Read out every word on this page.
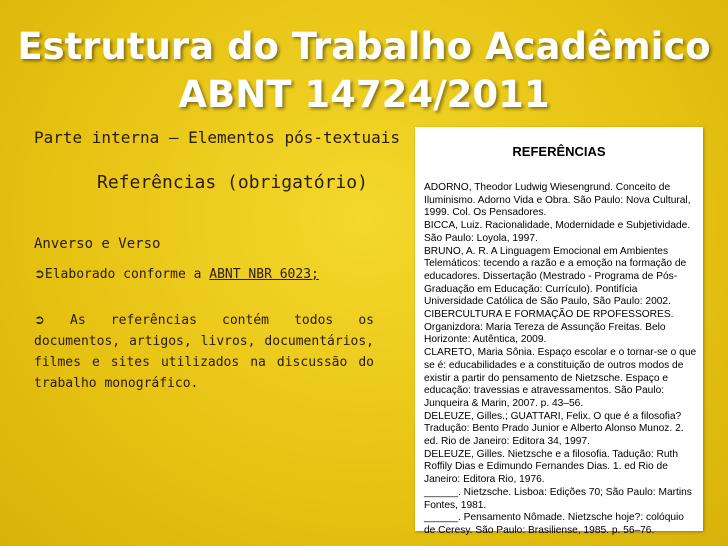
Estrutura do Trabalho Acadêmico
ABNT 14724/2011
Parte interna – Elementos pós-textuais
Referências (obrigatório)
Anverso e Verso
➲Elaborado conforme a ABNT NBR 6023;
➲ As referências contém todos os documentos, artigos, livros, documentários, filmes e sites utilizados na discussão do trabalho monográfico.
REFERÊNCIAS

ADORNO, Theodor Ludwig Wiesengrund. Conceito de Iluminismo. Adorno Vida e Obra. São Paulo: Nova Cultural, 1999. Col. Os Pensadores.

BICCA, Luiz. Racionalidade, Modernidade e Subjetividade. São Paulo: Loyola, 1997.

BRUNO, A. R. A Linguagem Emocional em Ambientes Telemáticos: tecendo a razão e a emoção na formação de educadores. Dissertação (Mestrado - Programa de Pós-Graduação em Educação: Currículo). Pontifícia Universidade Católica de São Paulo, São Paulo: 2002.

CIBERCULTURA E FORMAÇÃO DE RPOFESSORES. Organizdora: Maria Tereza de Assunção Freitas. Belo Horizonte: Autêntica, 2009.

CLARETO, Maria Sônia. Espaço escolar e o tornar-se o que se é: educabilidades e a constituição de outros modos de existir a partir do pensamento de Nietzsche. Espaço e educação: travessias e atravessamentos. São Paulo: Junqueira & Marin, 2007. p. 43–56.

DELEUZE, Gilles.; GUATTARI, Felix. O que é a filosofia? Tradução: Bento Prado Junior e Alberto Alonso Munoz. 2. ed. Rio de Janeiro: Editora 34, 1997.

DELEUZE, Gilles. Nietzsche e a filosofia. Tadução: Ruth Roffily Dias e Edimundo Fernandes Dias. 1. ed Rio de Janeiro: Editora Rio, 1976.

______. Nietzsche. Lisboa: Edições 70; São Paulo: Martins Fontes, 1981.

______. Pensamento Nômade. Nietzsche hoje?: colóquio de Ceresy. São Paulo: Brasiliense, 1985. p. 56–76.
